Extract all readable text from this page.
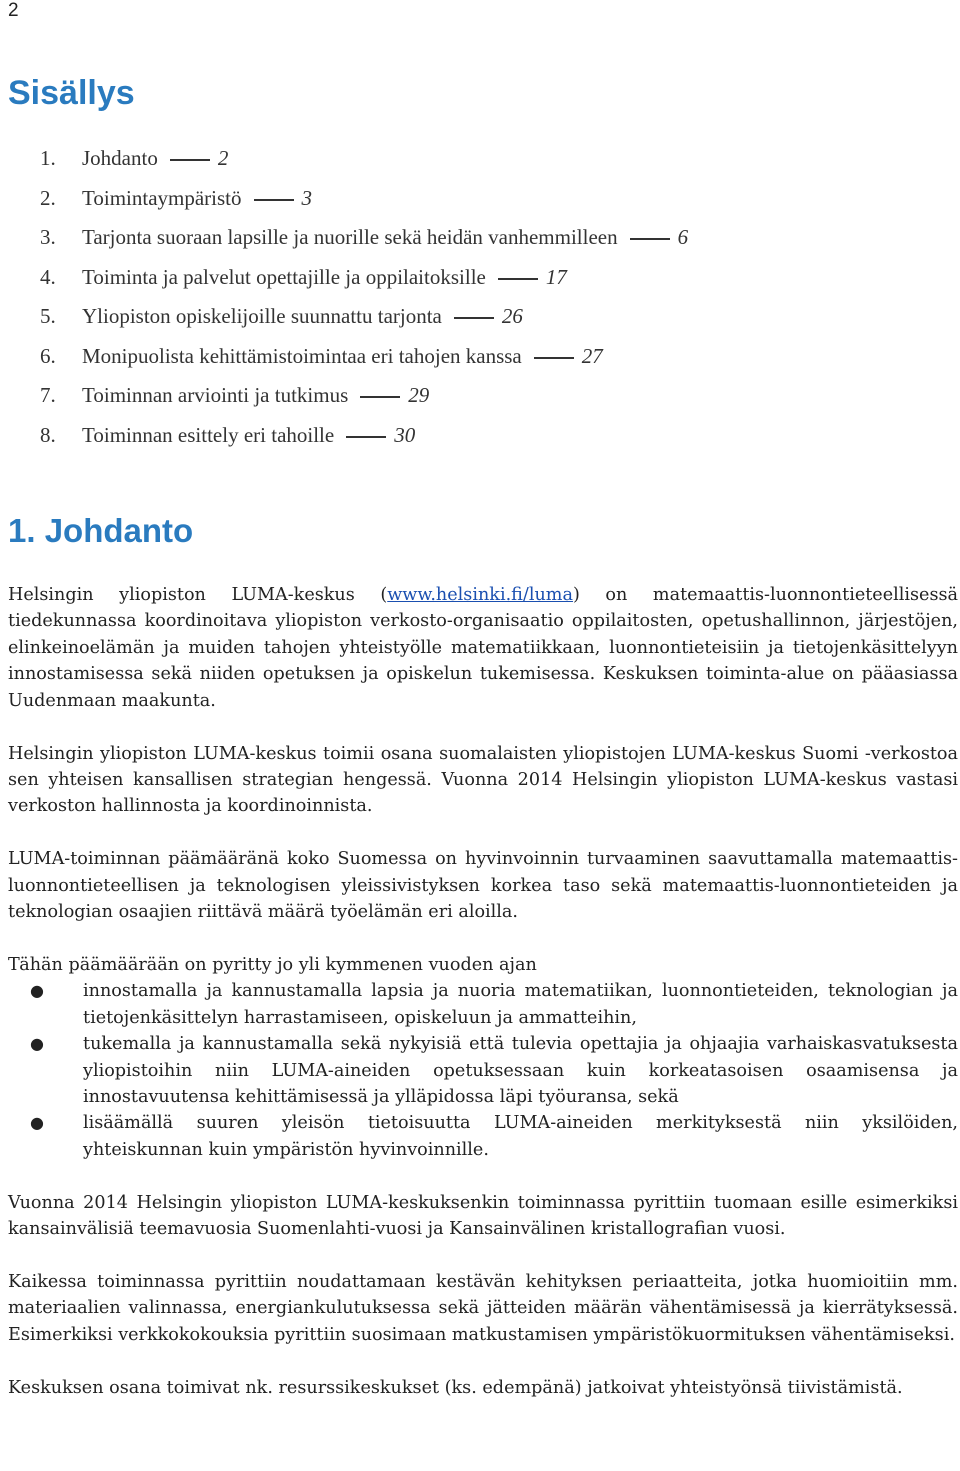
2
Sisällys
1. Johdanto	2
2. Toimintaympäristö	3
3. Tarjonta suoraan lapsille ja nuorille sekä heidän vanhemmilleen	6
4. Toiminta ja palvelut opettajille ja oppilaitoksille	17
5. Yliopiston opiskelijoille suunnattu tarjonta	26
6. Monipuolista kehittämistoimintaa eri tahojen kanssa	27
7. Toiminnan arviointi ja tutkimus	29
8. Toiminnan esittely eri tahoille	30
1. Johdanto

Helsingin yliopiston LUMA-keskus (www.helsinki.fi/luma) on matemaattis-luonnontieteellisessä tiedekunnassa koordinoitava yliopiston verkosto-organisaatio oppilaitosten, opetushallinnon, järjestöjen, elinkeinoelämän ja muiden tahojen yhteistyölle matematiikkaan, luonnontieteisiin ja tietojenkäsittelyyn innostamisessa sekä niiden opetuksen ja opiskelun tukemisessa. Keskuksen toiminta-alue on pääasiassa Uudenmaan maakunta.

Helsingin yliopiston LUMA-keskus toimii osana suomalaisten yliopistojen LUMA-keskus Suomi -verkostoa sen yhteisen kansallisen strategian hengessä. Vuonna 2014 Helsingin yliopiston LUMA-keskus vastasi verkoston hallinnosta ja koordinoinnista.

LUMA-toiminnan päämääränä koko Suomessa on hyvinvoinnin turvaaminen saavuttamalla matemaattis-luonnontieteellisen ja teknologisen yleissivistyksen korkea taso sekä matemaattis-luonnontieteiden ja teknologian osaajien riittävä määrä työelämän eri aloilla.

Tähän päämäärään on pyritty jo yli kymmenen vuoden ajan
● innostamalla ja kannustamalla lapsia ja nuoria matematiikan, luonnontieteiden, teknologian ja tietojenkäsittelyn harrastamiseen, opiskeluun ja ammatteihin,
● tukemalla ja kannustamalla sekä nykyisiä että tulevia opettajia ja ohjaajia varhaiskasvatuksesta yliopistoihin niin LUMA-aineiden opetuksessaan kuin korkeatasoisen osaamisensa ja innostavuutensa kehittämisessä ja ylläpidossa läpi työuransa, sekä
● lisäämällä suuren yleisön tietoisuutta LUMA-aineiden merkityksestä niin yksilöiden, yhteiskunnan kuin ympäristön hyvinvoinnille.

Vuonna 2014 Helsingin yliopiston LUMA-keskuksenkin toiminnassa pyrittiin tuomaan esille esimerkiksi kansainvälisiä teemavuosia Suomenlahti-vuosi ja Kansainvälinen kristallografian vuosi.

Kaikessa toiminnassa pyrittiin noudattamaan kestävän kehityksen periaatteita, jotka huomioitiin mm. materiaalien valinnassa, energiankulutuksessa sekä jätteiden määrän vähentämisessä ja kierrätyksessä. Esimerkiksi verkkokokouksia pyrittiin suosimaan matkustamisen ympäristökuormituksen vähentämiseksi.

Keskuksen osana toimivat nk. resurssikeskukset (ks. edempänä) jatkoivat yhteistyönsä tiivistämistä.
